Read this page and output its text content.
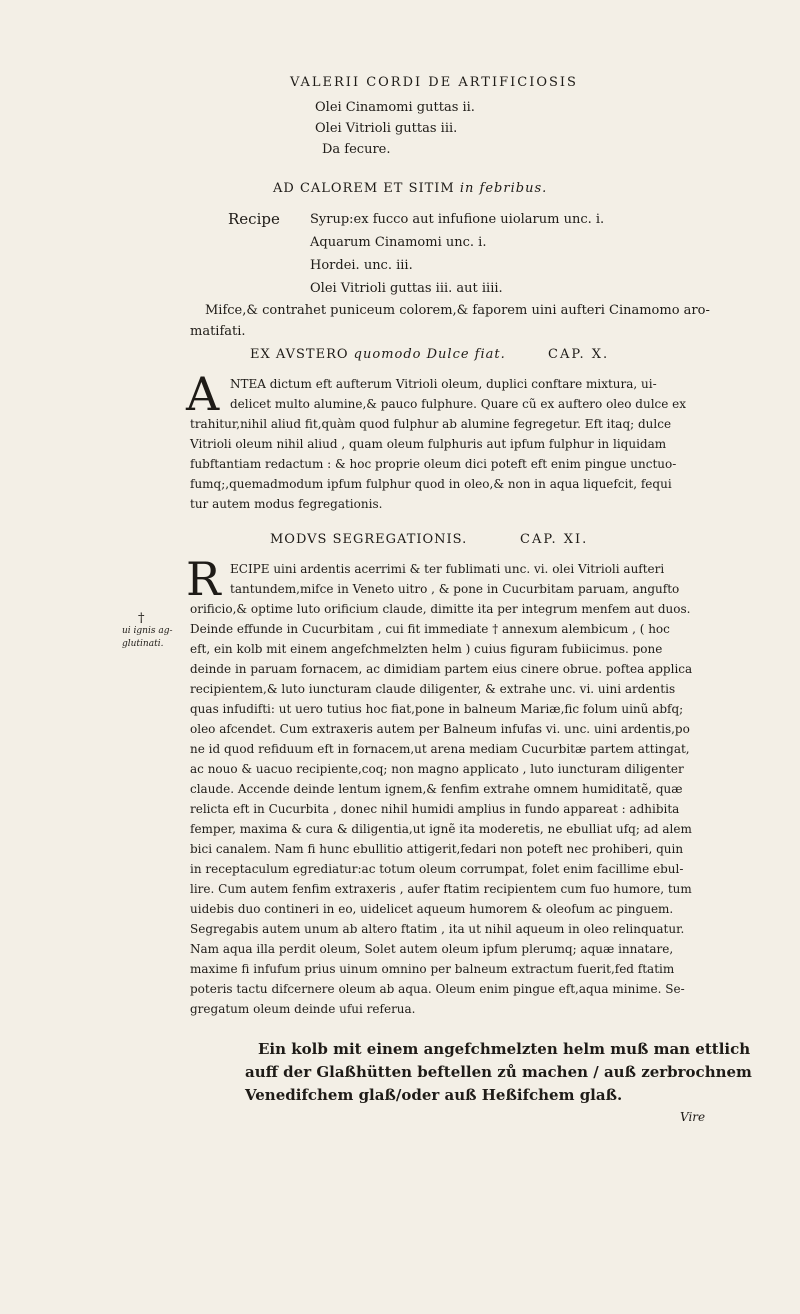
VALERII CORDI DE ARTIFICIOSIS
Olei Cinamomi guttas ii.
Olei Vitrioli guttas iii.
Da fecure.
AD CALOREM ET SITIM in febribus.
Recipe Syrup:ex fucco aut infufione uiolarum unc. i.
Aquarum Cinamomi unc. i.
Hordei. unc. iii.
Olei Vitrioli guttas iii. aut iiii.
Mifce,& contrahet puniceum colorem,& faporem uini aufteri Cinamomo aro-
matifati.
EX AVSTERO quomodo Dulce fiat.	CAP. X.
A NTEA dictum eft aufterum Vitrioli oleum, duplici conftare mixtura, ui-
delicet multo alumine,& pauco fulphure. Quare cũ ex auftero oleo dulce ex
trahitur,nihil aliud fit,quàm quod fulphur ab alumine fegregetur. Eft itaq; dulce
Vitrioli oleum nihil aliud , quam oleum fulphuris aut ipfum fulphur in liquidam
fubftantiam redactum : & hoc proprie oleum dici poteft eft enim pingue unctuo-
fumq;,quemadmodum ipfum fulphur quod in oleo,& non in aqua liquefcit, fequi
tur autem modus fegregationis.
MODVS SEGREGATIONIS.	CAP. XI.
R ECIPE uini ardentis acerrimi & ter fublimati unc. vi. olei Vitrioli aufteri
tantundem,mifce in Veneto uitro , & pone in Cucurbitam paruam, angufto
orificio,& optime luto orificium claude, dimitte ita per integrum menfem aut duos.
Deinde effunde in Cucurbitam , cui fit immediate † annexum alembicum , ( hoc
eft, ein kolb mit einem angefchmelzten helm ) cuius figuram fubiicimus. pone
deinde in paruam fornacem, ac dimidiam partem eius cinere obrue. poftea applica
recipientem,& luto iuncturam claude diligenter, & extrahe unc. vi. uini ardentis
quas infudifti: ut uero tutius hoc fiat,pone in balneum Mariæ,fic folum uinũ abfq;
oleo afcendet. Cum extraxeris autem per Balneum infufas vi. unc. uini ardentis,po
ne id quod refiduum eft in fornacem,ut arena mediam Cucurbitæ partem attingat,
ac nouo & uacuo recipiente,coq; non magno applicato , luto iuncturam diligenter
claude. Accende deinde lentum ignem,& fenfim extrahe omnem humiditatẽ, quæ
relicta eft in Cucurbita , donec nihil humidi amplius in fundo appareat : adhibita
femper, maxima & cura & diligentia,ut ignẽ ita moderetis, ne ebulliat ufq; ad alem
bici canalem. Nam fi hunc ebullitio attigerit,fedari non poteft nec prohiberi, quin
in receptaculum egrediatur:ac totum oleum corrumpat, folet enim facillime ebul-
lire. Cum autem fenfim extraxeris , aufer ftatim recipientem cum fuo humore, tum
uidebis duo contineri in eo, uidelicet aqueum humorem & oleofum ac pinguem.
Segregabis autem unum ab altero ftatim , ita ut nihil aqueum in oleo relinquatur.
Nam aqua illa perdit oleum, Solet autem oleum ipfum plerumq; aquæ innatare,
maxime fi infufum prius uinum omnino per balneum extractum fuerit,fed ftatim
poteris tactu difcernere oleum ab aqua. Oleum enim pingue eft,aqua minime. Se-
gregatum oleum deinde ufui referua.
†
ui ignis ag-
glutinati.
Ein kolb mit einem angefchmelzten helm muß man ettlich
auff der Glaßhütten beftellen zů machen / auß zerbrochnem
Venedifchem glaß/oder auß Heßifchem glaß.
Vire
